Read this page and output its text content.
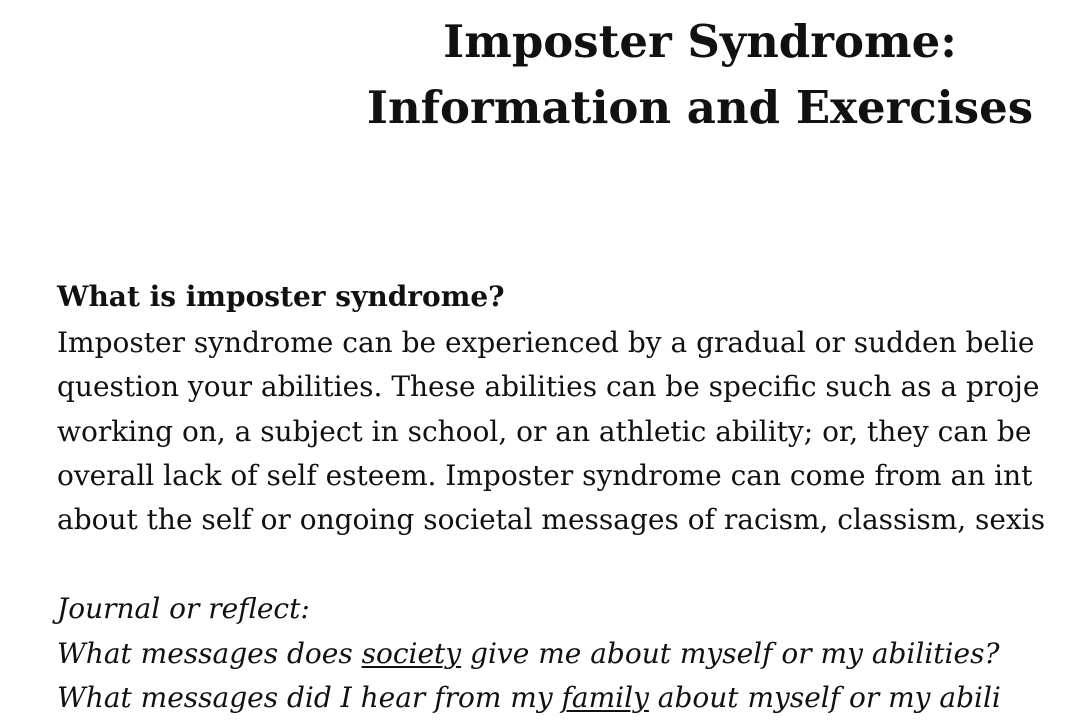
Imposter Syndrome:
Information and Exercises
What is imposter syndrome?

Imposter syndrome can be experienced by a gradual or sudden belie

question your abilities. These abilities can be specific such as a proje

working on, a subject in school, or an athletic ability; or, they can be

overall lack of self esteem. Imposter syndrome can come from an int

about the self or ongoing societal messages of racism, classism, sexis

Journal or reflect:

What messages does society give me about myself or my abilities?

What messages did I hear from my family about myself or my abili
